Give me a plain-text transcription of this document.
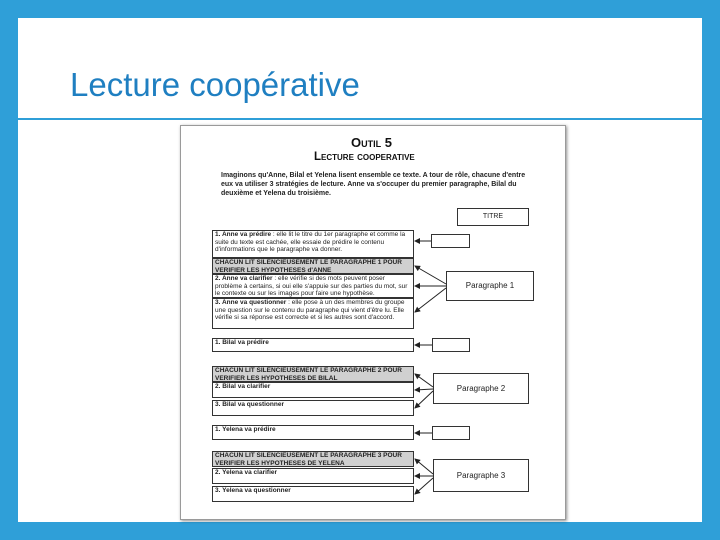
Lecture coopérative
Outil 5
Lecture cooperative
Imaginons qu'Anne, Bilal et Yelena lisent ensemble ce texte. A tour de rôle, chacune d'entre eux va utiliser 3 stratégies de lecture. Anne va s'occuper du premier paragraphe, Bilal du deuxième et Yelena du troisième.
TITRE
1. Anne va prédire : elle lit le titre du 1er paragraphe et comme la suite du texte est cachée, elle essaie de prédire le contenu d'informations que le paragraphe va donner.
CHACUN LIT SILENCIEUSEMENT LE PARAGRAPHE 1 POUR VERIFIER LES HYPOTHESES d'ANNE
2. Anne va clarifier : elle vérifie si des mots peuvent poser problème à certains, si oui elle s'appuie sur des parties du mot, sur le contexte ou sur les images pour faire une hypothèse.
3. Anne va questionner : elle pose à un des membres du groupe une question sur le contenu du paragraphe qui vient d'être lu. Elle vérifie si sa réponse est correcte et si les autres sont d'accord.
1. Bilal va prédire
CHACUN LIT SILENCIEUSEMENT LE PARAGRAPHE 2 POUR VERIFIER LES HYPOTHESES DE BILAL
2. Bilal va clarifier
3. Bilal va questionner
1. Yelena va prédire
CHACUN LIT SILENCIEUSEMENT LE PARAGRAPHE 3 POUR VERIFIER LES HYPOTHESES DE YELENA
2. Yelena va clarifier
3. Yelena va questionner
Paragraphe 1
Paragraphe 2
Paragraphe 3
